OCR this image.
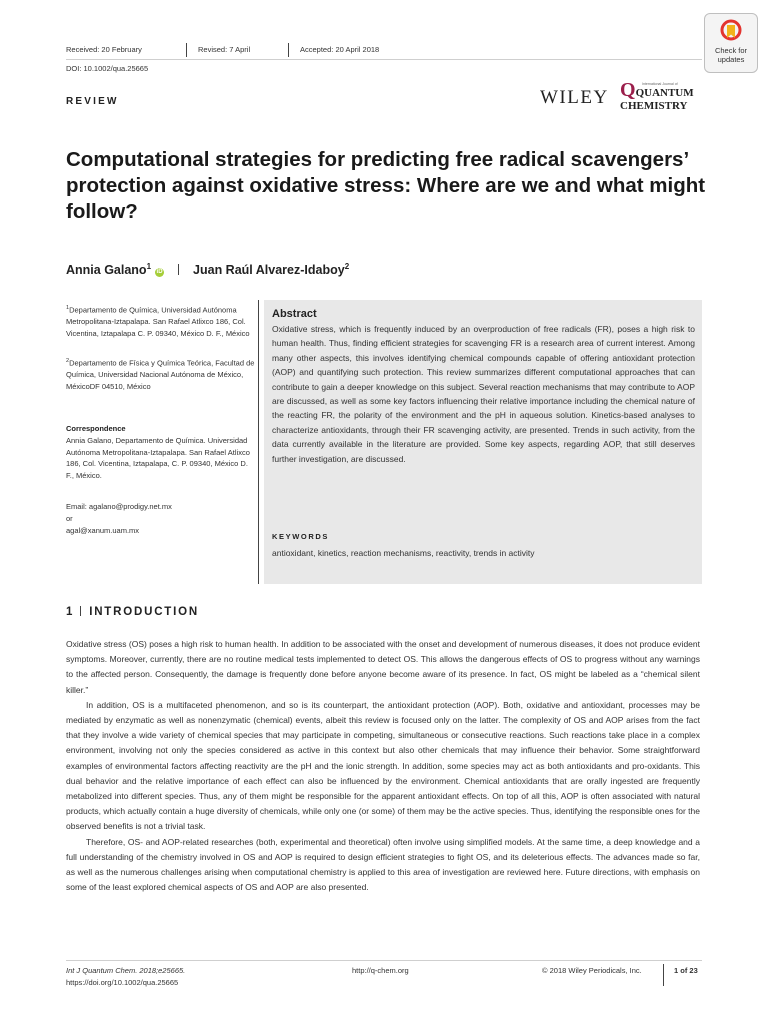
Received: 20 February	Revised: 7 April	Accepted: 20 April 2018
DOI: 10.1002/qua.25665
Check for
updates
REVIEW	WILEY
International Journal of
QQUANTUM
CHEMISTRY
Computational strategies for predicting free radical scavengers’ protection against oxidative stress: Where are we and what might follow?
Annia Galano$^1$iD Juan Raúl Alvarez-Idaboy$^2$
$^1$Departamento de Química, Universidad Autónoma Metropolitana-Iztapalapa. San Rafael Atlixco 186, Col. Vicentina, Iztapalapa C. P. 09340, México D. F., México
$^2$Departamento de Física y Química Teórica, Facultad de Química, Universidad Nacional Autónoma de México, MéxicoDF 04510, México
Correspondence
Annia Galano, Departamento de Química. Universidad Autónoma Metropolitana-Iztapalapa. San Rafael Atlixco 186, Col. Vicentina, Iztapalapa, C. P. 09340, México D. F., México.
Email: agalano@prodigy.net.mx
or
agal@xanum.uam.mx
Abstract
Oxidative stress, which is frequently induced by an overproduction of free radicals (FR), poses a high risk to human health. Thus, finding efficient strategies for scavenging FR is a research area of current interest. Among many other aspects, this involves identifying chemical compounds capable of offering antioxidant protection (AOP) and quantifying such protection. This review summarizes different computational approaches that can contribute to gain a deeper knowledge on this subject. Several reaction mechanisms that may contribute to AOP are discussed, as well as some key factors influencing their relative importance including the chemical nature of the reacting FR, the polarity of the environment and the pH in aqueous solution. Kinetics-based analyses to characterize antioxidants, through their FR scavenging activity, are presented. Trends in such activity, from the data currently available in the literature are provided. Some key aspects, regarding AOP, that still deserves further investigation, are discussed.
KEYWORDS
antioxidant, kinetics, reaction mechanisms, reactivity, trends in activity
1 INTRODUCTION

Oxidative stress (OS) poses a high risk to human health. In addition to be associated with the onset and development of numerous diseases, it does not produce evident symptoms. Moreover, currently, there are no routine medical tests implemented to detect OS. This allows the dangerous effects of OS to progress without any warnings to the affected person. Consequently, the damage is frequently done before anyone become aware of its presence. In fact, OS might be labeled as a “chemical silent killer.”

In addition, OS is a multifaceted phenomenon, and so is its counterpart, the antioxidant protection (AOP). Both, oxidative and antioxidant, processes may be mediated by enzymatic as well as nonenzymatic (chemical) events, albeit this review is focused only on the latter. The complexity of OS and AOP arises from the fact that they involve a wide variety of chemical species that may participate in competing, simultaneous or consecutive reactions. Such reactions take place in a complex environment, involving not only the species considered as active in this context but also other chemicals that may influence their behavior. Some straightforward examples of environmental factors affecting reactivity are the pH and the ionic strength. In addition, some species may act as both antioxidants and pro-oxidants. This dual behavior and the relative importance of each effect can also be influenced by the environment. Chemical antioxidants that are orally ingested are frequently metabolized into different species. Thus, any of them might be responsible for the apparent antioxidant effects. On top of all this, AOP is often associated with natural products, which actually contain a huge diversity of chemicals, while only one (or some) of them may be the active species. Thus, identifying the responsible ones for the observed benefits is not a trivial task.

Therefore, OS- and AOP-related researches (both, experimental and theoretical) often involve using simplified models. At the same time, a deep knowledge and a full understanding of the chemistry involved in OS and AOP is required to design efficient strategies to fight OS, and its deleterious effects. The advances made so far, as well as the numerous challenges arising when computational chemistry is applied to this area of investigation are reviewed here. Future directions, with emphasis on some of the least explored chemical aspects of OS and AOP are also presented.

Int J Quantum Chem. 2018;e25665.
https://doi.org/10.1002/qua.25665
http://q-chem.org	© 2018 Wiley Periodicals, Inc.	1 of 23
